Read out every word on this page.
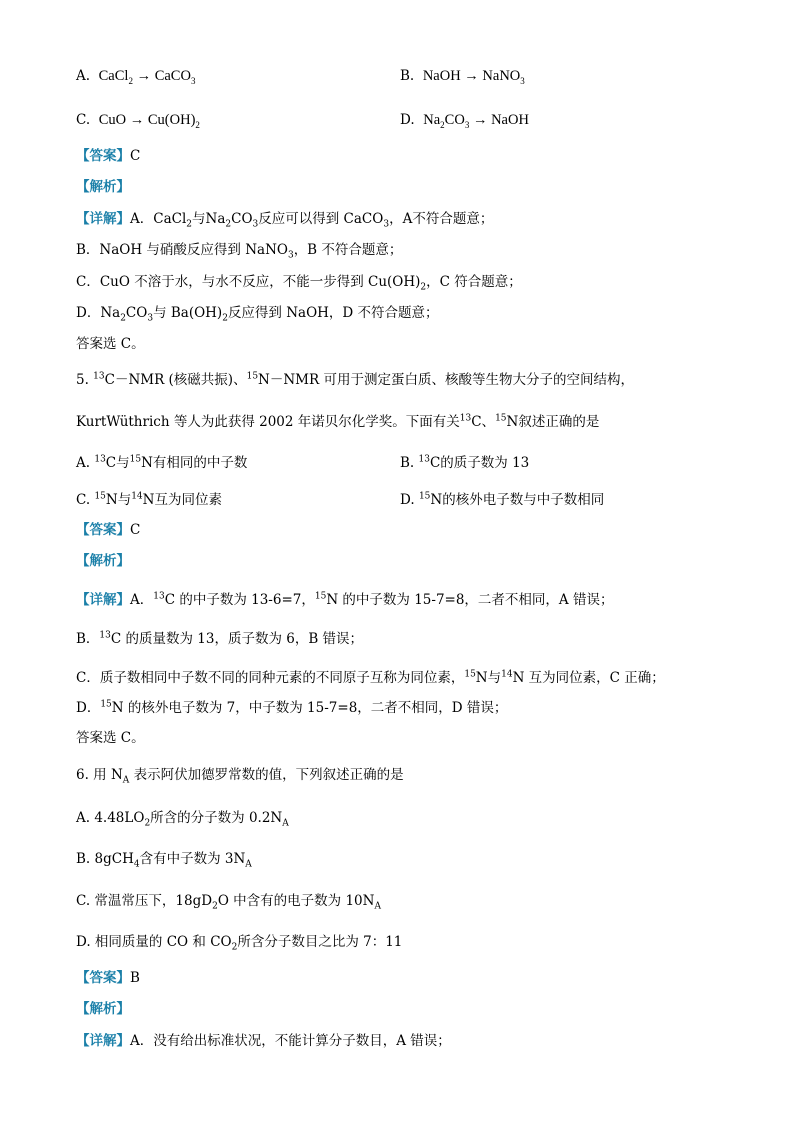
A. CaCl$_2$ → CaCO$_3$	B. NaOH → NaNO$_3$
C. CuO → $Cu(OH)_2$	D. $Na_2CO_3$ → NaOH
【答案】C
【解析】
【详解】A．CaCl$_2$与$Na_2CO_3$反应可以得到 CaCO$_3$，A不符合题意；
B．NaOH 与硝酸反应得到 NaNO$_3$，B 不符合题意；
C．CuO 不溶于水，与水不反应，不能一步得到 $Cu(OH)_2$，C 符合题意；
D．$Na_2CO_3$与 $Ba(OH)_2$反应得到 NaOH，D 不符合题意；
答案选 C。
5. $^{13}$C－NMR (核磁共振)、$^{15}$N－NMR 可用于测定蛋白质、核酸等生物大分子的空间结构，
KurtWüthrich 等人为此获得 2002 年诺贝尔化学奖。下面有关$^{13}$C、$^{15}$N叙述正确的是
A. $^{13}$C与$^{15}$N有相同的中子数	B. $^{13}$C的质子数为 13
C. $^{15}$N与$^{14}$N互为同位素	D. $^{15}$N的核外电子数与中子数相同
【答案】C
【解析】
【详解】A．$^{13}$C 的中子数为 13-6=7，$^{15}$N 的中子数为 15-7=8，二者不相同，A 错误；
B．$^{13}$C 的质量数为 13，质子数为 6，B 错误；
C．质子数相同中子数不同的同种元素的不同原子互称为同位素，$^{15}$N与$^{14}$N 互为同位素，C 正确；
D．$^{15}$N 的核外电子数为 7，中子数为 15-7=8，二者不相同，D 错误；
答案选 C。
6. 用 $N_A$ 表示阿伏加德罗常数的值，下列叙述正确的是
A. $4.48LO_2$所含的分子数为 $0.2N_A$
B. 8gCH$_4$含有中子数为 $3N_A$
C. 常温常压下，$18gD_2O$ 中含有的电子数为 $10N_A$
D. 相同质量的 CO 和 $CO_2$所含分子数目之比为 7：11
【答案】B
【解析】
【详解】A．没有给出标准状况，不能计算分子数目，A 错误；
